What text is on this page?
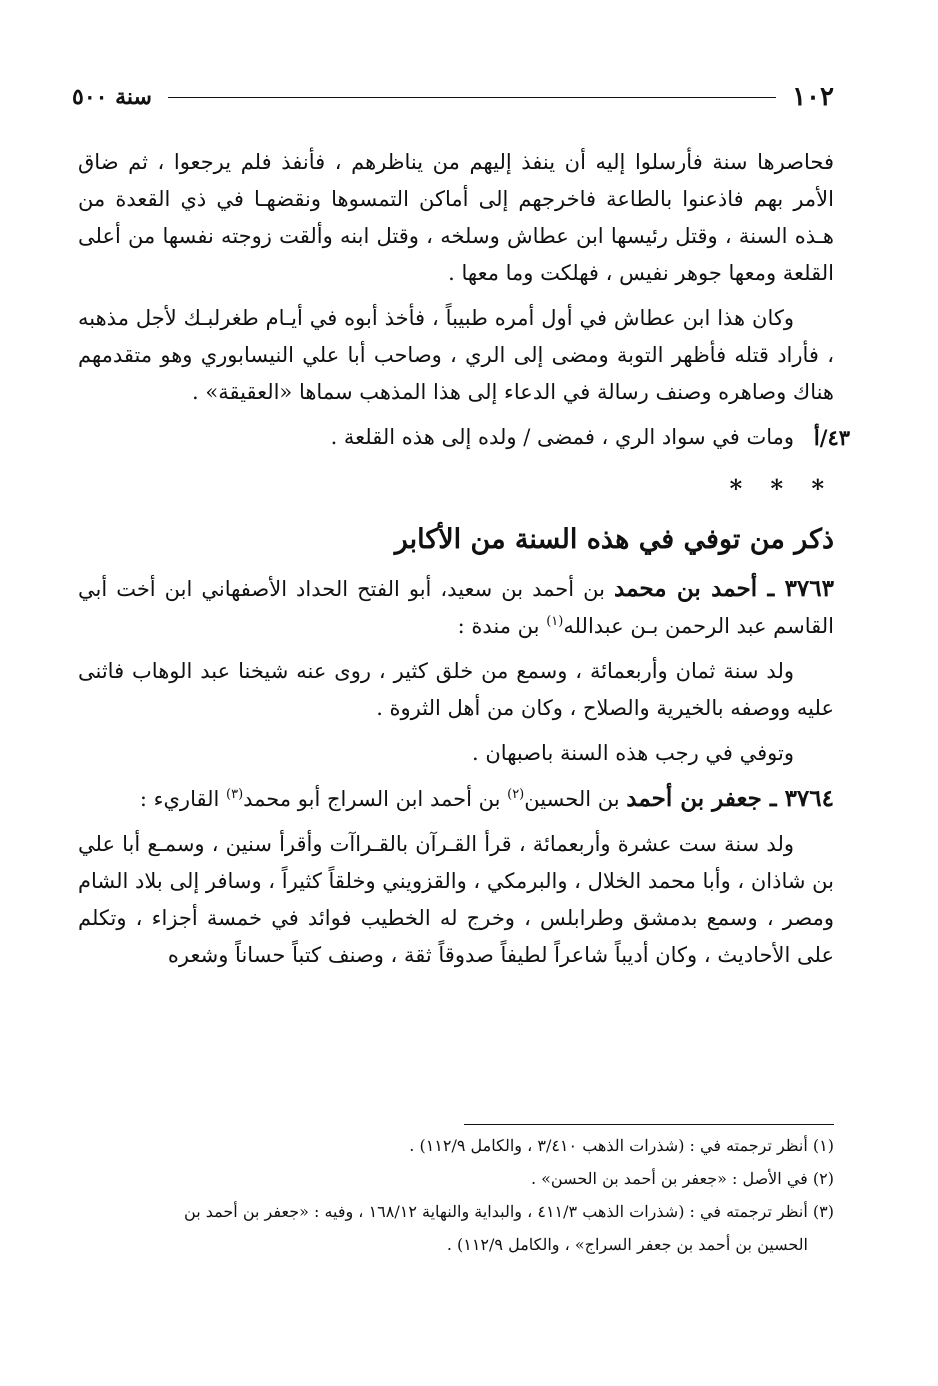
١٠٢
سنة ٥٠٠

فحاصرها سنة فأرسلوا إليه أن ينفذ إليهم من يناظرهم ، فأنفذ فلم يرجعوا ، ثم ضاق الأمر بهم فاذعنوا بالطاعة فاخرجهم إلى أماكن التمسوها ونقضهـا في ذي القعدة من هـذه السنة ، وقتل رئيسها ابن عطاش وسلخه ، وقتل ابنه وألقت زوجته نفسها من أعلى القلعة ومعها جوهر نفيس ، فهلكت وما معها .

وكان هذا ابن عطاش في أول أمره طبيباً ، فأخذ أبوه في أيـام طغرلبـك لأجل مذهبه ، فأراد قتله فأظهر التوبة ومضى إلى الري ، وصاحب أبا علي النيسابوري وهو متقدمهم هناك وصاهره وصنف رسالة في الدعاء إلى هذا المذهب سماها «العقيقة» .

٤٣/أ
ومات في سواد الري ، فمضى / ولده إلى هذه القلعة .

* * *
ذكر من توفي في هذه السنة من الأكابر

٣٧٦٣ ـ أحمد بن محمد بن أحمد بن سعيد، أبو الفتح الحداد الأصفهاني ابن أخت أبي القاسم عبد الرحمن بـن عبدالله$^{(١)}$ بن مندة :

ولد سنة ثمان وأربعمائة ، وسمع من خلق كثير ، روى عنه شيخنا عبد الوهاب فاثنى عليه ووصفه بالخيرية والصلاح ، وكان من أهل الثروة .

وتوفي في رجب هذه السنة باصبهان .

٣٧٦٤ ـ جعفر بن أحمد بن الحسين$^{(٢)}$ بن أحمد ابن السراج أبو محمد$^{(٣)}$ القاريء :

ولد سنة ست عشرة وأربعمائة ، قرأ القـرآن بالقـراآت وأقرأ سنين ، وسمـع أبا علي بن شاذان ، وأبا محمد الخلال ، والبرمكي ، والقزويني وخلقاً كثيراً ، وسافر إلى بلاد الشام ومصر ، وسمع بدمشق وطرابلس ، وخرج له الخطيب فوائد في خمسة أجزاء ، وتكلم على الأحاديث ، وكان أديباً شاعراً لطيفاً صدوقاً ثقة ، وصنف كتباً حساناً وشعره

(١) أنظر ترجمته في : (شذرات الذهب ٣/٤١٠ ، والكامل ١١٢/٩) .

(٢) في الأصل : «جعفر بن أحمد بن الحسن» .

(٣) أنظر ترجمته في : (شذرات الذهب ٤١١/٣ ، والبداية والنهاية ١٦٨/١٢ ، وفيه : «جعفر بن أحمد بن

الحسين بن أحمد بن جعفر السراج» ، والكامل ١١٢/٩) .
